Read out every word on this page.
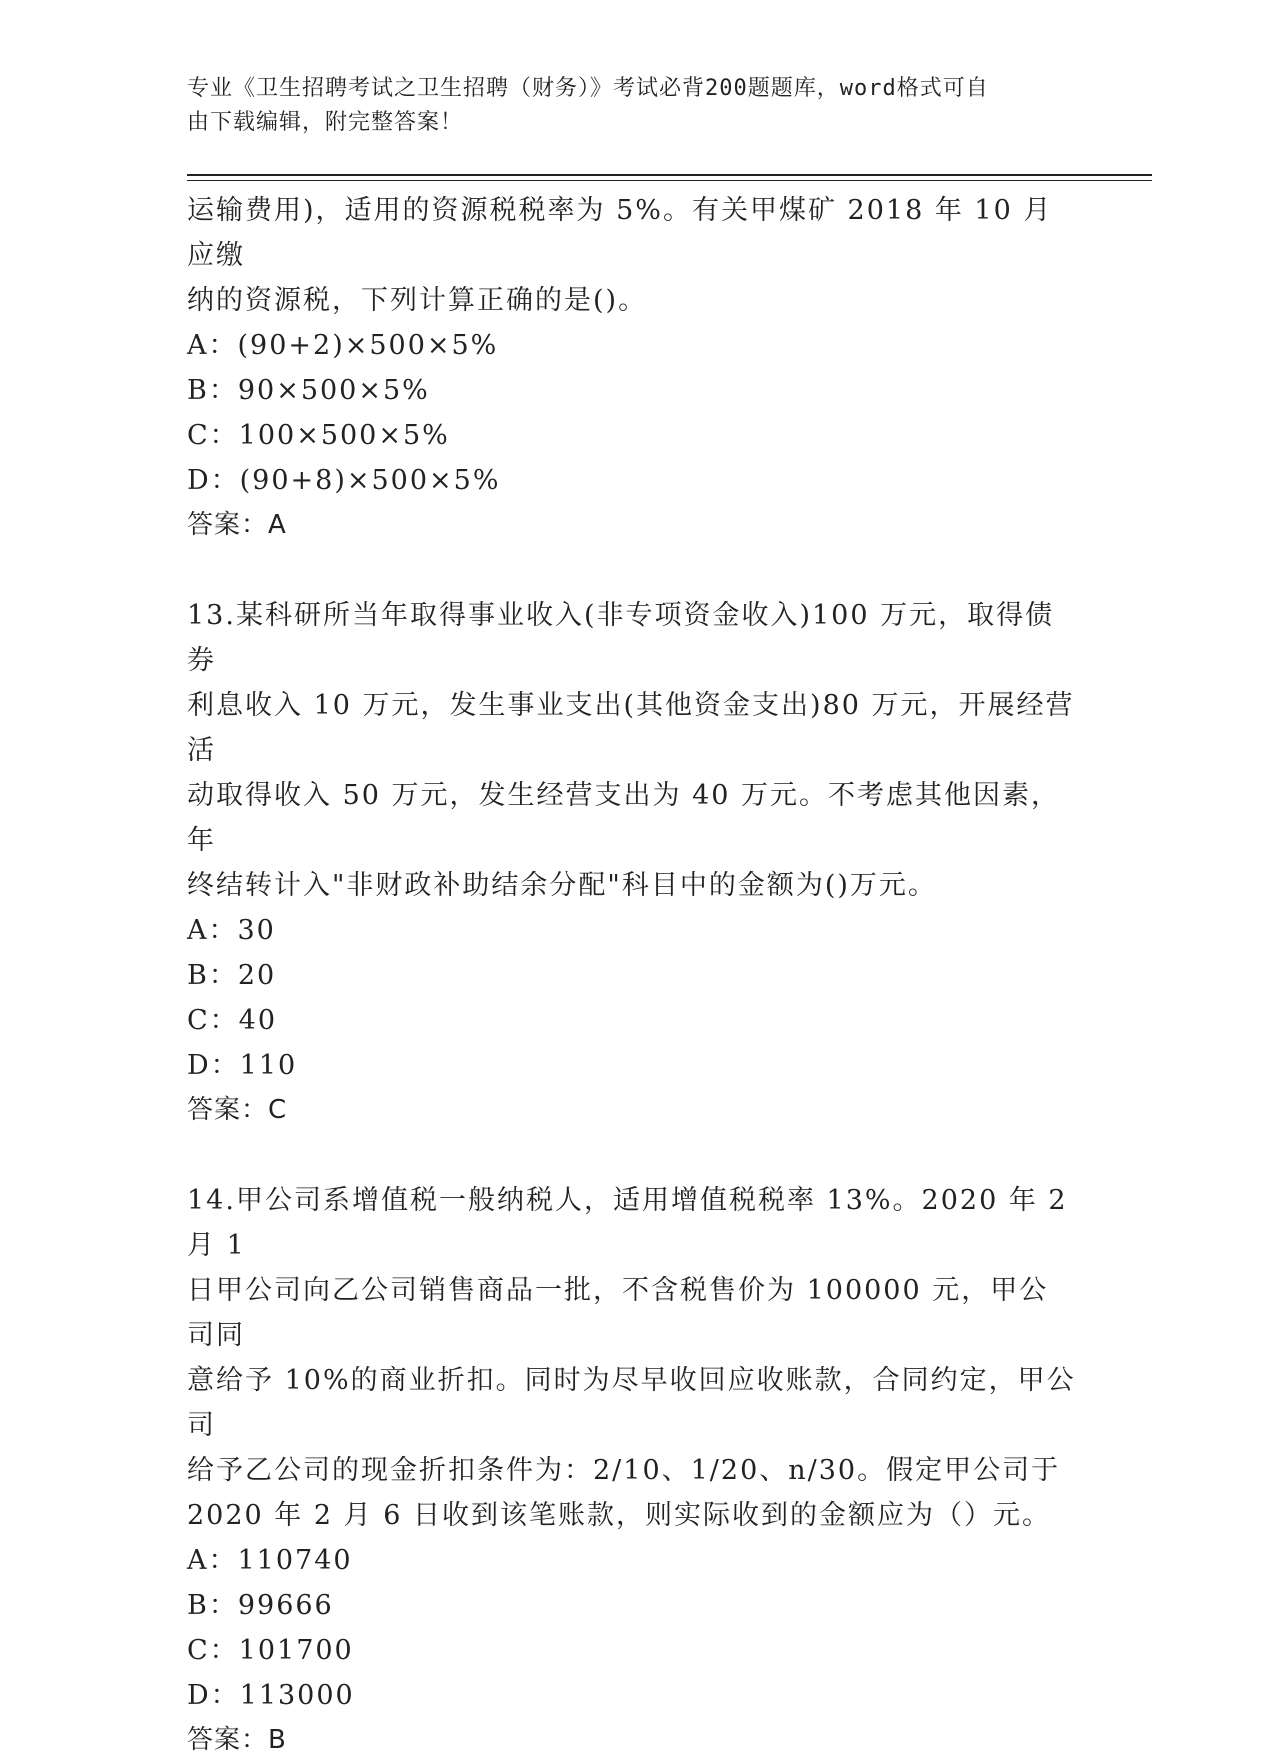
专业《卫生招聘考试之卫生招聘（财务）》考试必背200题题库，word格式可自
由下载编辑，附完整答案！

运输费用)，适用的资源税税率为 5%。有关甲煤矿 2018 年 10 月应缴

纳的资源税，下列计算正确的是()。

A：(90+2)×500×5%

B：90×500×5%

C：100×500×5%

D：(90+8)×500×5%

答案：A

13.某科研所当年取得事业收入(非专项资金收入)100 万元，取得债券

利息收入 10 万元，发生事业支出(其他资金支出)80 万元，开展经营活

动取得收入 50 万元，发生经营支出为 40 万元。不考虑其他因素，年

终结转计入"非财政补助结余分配"科目中的金额为()万元。

A：30

B：20

C：40

D：110

答案：C

14.甲公司系增值税一般纳税人，适用增值税税率 13%。2020 年 2 月 1

日甲公司向乙公司销售商品一批，不含税售价为 100000 元，甲公司同

意给予 10%的商业折扣。同时为尽早收回应收账款，合同约定，甲公司

给予乙公司的现金折扣条件为：2/10、1/20、n/30。假定甲公司于

2020 年 2 月 6 日收到该笔账款，则实际收到的金额应为（）元。

A：110740

B：99666

C：101700

D：113000

答案：B
